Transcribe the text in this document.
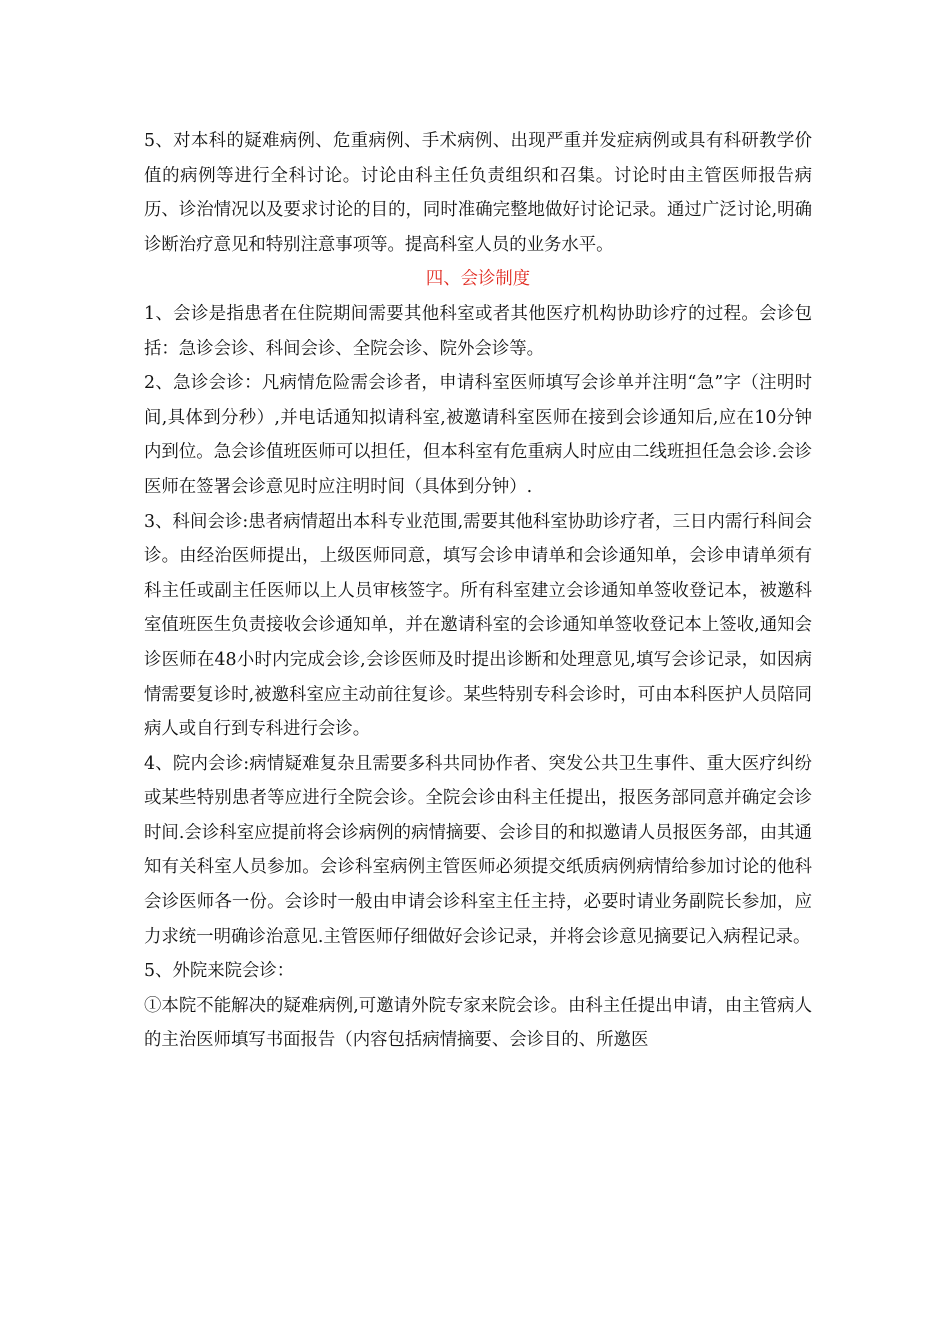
5、对本科的疑难病例、危重病例、手术病例、出现严重并发症病例或具有科研教学价值的病例等进行全科讨论。讨论由科主任负责组织和召集。讨论时由主管医师报告病历、诊治情况以及要求讨论的目的，同时准确完整地做好讨论记录。通过广泛讨论,明确诊断治疗意见和特别注意事项等。提高科室人员的业务水平。

四、会诊制度

1、会诊是指患者在住院期间需要其他科室或者其他医疗机构协助诊疗的过程。会诊包括：急诊会诊、科间会诊、全院会诊、院外会诊等。

2、急诊会诊：凡病情危险需会诊者，申请科室医师填写会诊单并注明“急”字（注明时间,具体到分秒）,并电话通知拟请科室,被邀请科室医师在接到会诊通知后,应在10分钟内到位。急会诊值班医师可以担任，但本科室有危重病人时应由二线班担任急会诊.会诊医师在签署会诊意见时应注明时间（具体到分钟）.

3、科间会诊:患者病情超出本科专业范围,需要其他科室协助诊疗者，三日内需行科间会诊。由经治医师提出，上级医师同意，填写会诊申请单和会诊通知单，会诊申请单须有科主任或副主任医师以上人员审核签字。所有科室建立会诊通知单签收登记本，被邀科室值班医生负责接收会诊通知单，并在邀请科室的会诊通知单签收登记本上签收,通知会诊医师在48小时内完成会诊,会诊医师及时提出诊断和处理意见,填写会诊记录，如因病情需要复诊时,被邀科室应主动前往复诊。某些特别专科会诊时，可由本科医护人员陪同病人或自行到专科进行会诊。

4、院内会诊:病情疑难复杂且需要多科共同协作者、突发公共卫生事件、重大医疗纠纷或某些特别患者等应进行全院会诊。全院会诊由科主任提出，报医务部同意并确定会诊时间.会诊科室应提前将会诊病例的病情摘要、会诊目的和拟邀请人员报医务部，由其通知有关科室人员参加。会诊科室病例主管医师必须提交纸质病例病情给参加讨论的他科会诊医师各一份。会诊时一般由申请会诊科室主任主持，必要时请业务副院长参加，应力求统一明确诊治意见.主管医师仔细做好会诊记录，并将会诊意见摘要记入病程记录。

5、外院来院会诊：

①本院不能解决的疑难病例,可邀请外院专家来院会诊。由科主任提出申请，由主管病人的主治医师填写书面报告（内容包括病情摘要、会诊目的、所邀医
